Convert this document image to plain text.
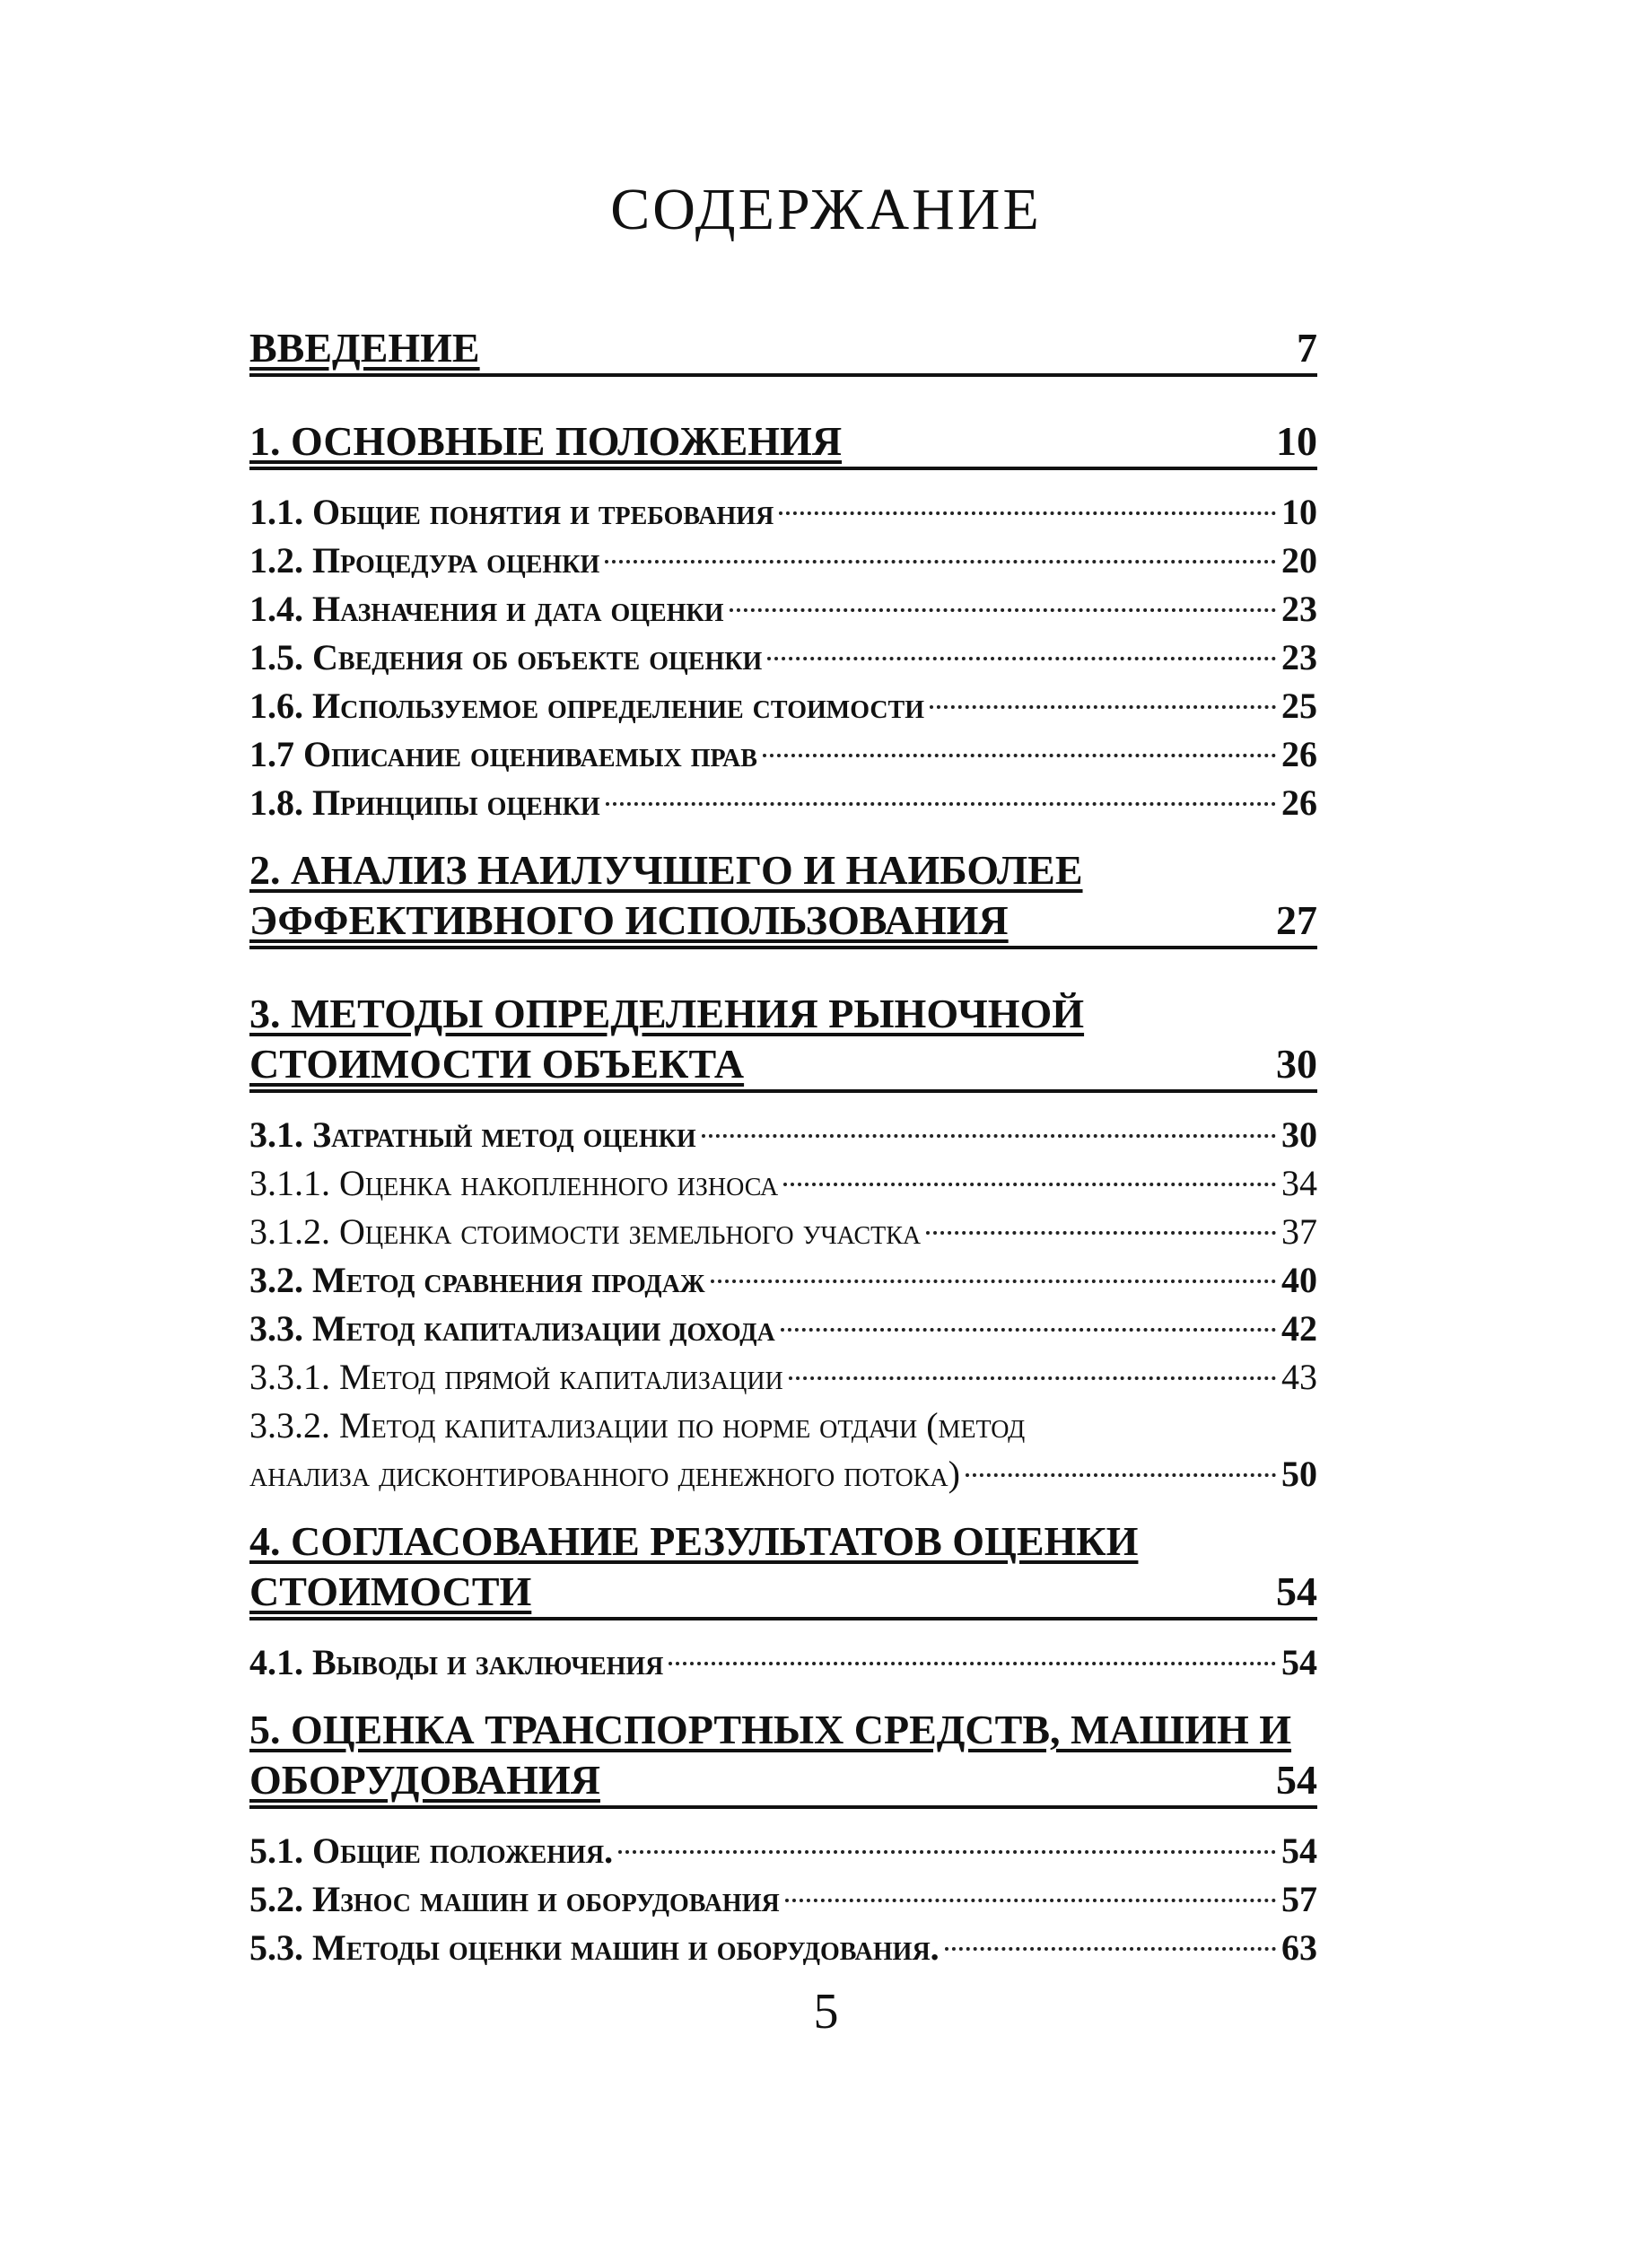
СОДЕРЖАНИЕ
ВВЕДЕНИЕ	7
1. ОСНОВНЫЕ ПОЛОЖЕНИЯ	10
1.1. Общие понятия и требования	10
1.2. Процедура оценки	20
1.4. Назначения и дата оценки	23
1.5. Сведения об объекте оценки	23
1.6. Используемое определение стоимости	25
1.7 Описание оцениваемых прав	26
1.8. Принципы оценки	26
2. АНАЛИЗ НАИЛУЧШЕГО И НАИБОЛЕЕ
ЭФФЕКТИВНОГО ИСПОЛЬЗОВАНИЯ	27
3. МЕТОДЫ ОПРЕДЕЛЕНИЯ РЫНОЧНОЙ
СТОИМОСТИ ОБЪЕКТА	30
3.1. Затратный метод оценки	30
3.1.1. Оценка накопленного износа	34
3.1.2. Оценка стоимости земельного участка	37
3.2. Метод сравнения продаж	40
3.3. Метод капитализации дохода	42
3.3.1. Метод прямой капитализации	43
3.3.2. Метод капитализации по норме отдачи (метод
анализа дисконтированного денежного потока)	50
4. СОГЛАСОВАНИЕ РЕЗУЛЬТАТОВ ОЦЕНКИ
СТОИМОСТИ	54
4.1. Выводы и заключения	54
5. ОЦЕНКА ТРАНСПОРТНЫХ СРЕДСТВ, МАШИН И
ОБОРУДОВАНИЯ	54
5.1. Общие положения.	54
5.2. Износ машин и оборудования	57
5.3. Методы оценки машин и оборудования.	63
5
